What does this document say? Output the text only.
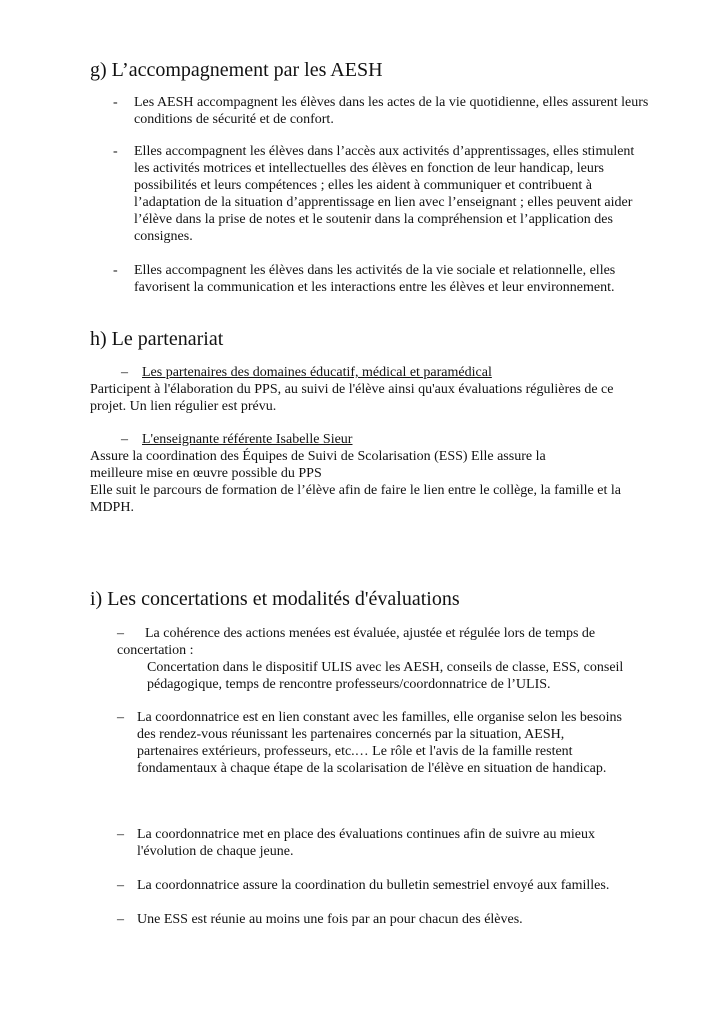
g) L’accompagnement par les AESH
- Les AESH accompagnent les élèves dans les actes de la vie quotidienne, elles assurent leurs conditions de sécurité et de confort.

- Elles accompagnent les élèves dans l’accès aux activités d’apprentissages, elles stimulent les activités motrices et intellectuelles des élèves en fonction de leur handicap, leurs possibilités et leurs compétences ; elles les aident à communiquer et contribuent à l’adaptation de la situation d’apprentissage en lien avec l’enseignant ; elles peuvent aider l’élève dans la prise de notes et le soutenir dans la compréhension et l’application des consignes.

- Elles accompagnent les élèves dans les activités de la vie sociale et relationnelle, elles favorisent la communication et les interactions entre les élèves et leur environnement.

h) Le partenariat
– Les partenaires des domaines éducatif, médical et paramédical

Participent à l'élaboration du PPS, au suivi de l'élève ainsi qu'aux évaluations régulières de ce projet. Un lien régulier est prévu.

– L'enseignante référente Isabelle Sieur

Assure la coordination des Équipes de Suivi de Scolarisation (ESS) Elle assure la meilleure mise en œuvre possible du PPS

Elle suit le parcours de formation de l’élève afin de faire le lien entre le collège, la famille et la MDPH.

i) Les concertations et modalités d'évaluations
–	La cohérence des actions menées est évaluée, ajustée et régulée lors de temps de concertation :

Concertation dans le dispositif ULIS avec les AESH, conseils de classe, ESS, conseil pédagogique, temps de rencontre professeurs/coordonnatrice de l’ULIS.

– La coordonnatrice est en lien constant avec les familles, elle organise selon les besoins des rendez-vous réunissant les partenaires concernés par la situation, AESH, partenaires extérieurs, professeurs, etc.… Le rôle et l'avis de la famille restent fondamentaux à chaque étape de la scolarisation de l'élève en situation de handicap.

– La coordonnatrice met en place des évaluations continues afin de suivre au mieux l'évolution de chaque jeune.

– La coordonnatrice assure la coordination du bulletin semestriel envoyé aux familles.

– Une ESS est réunie au moins une fois par an pour chacun des élèves.
